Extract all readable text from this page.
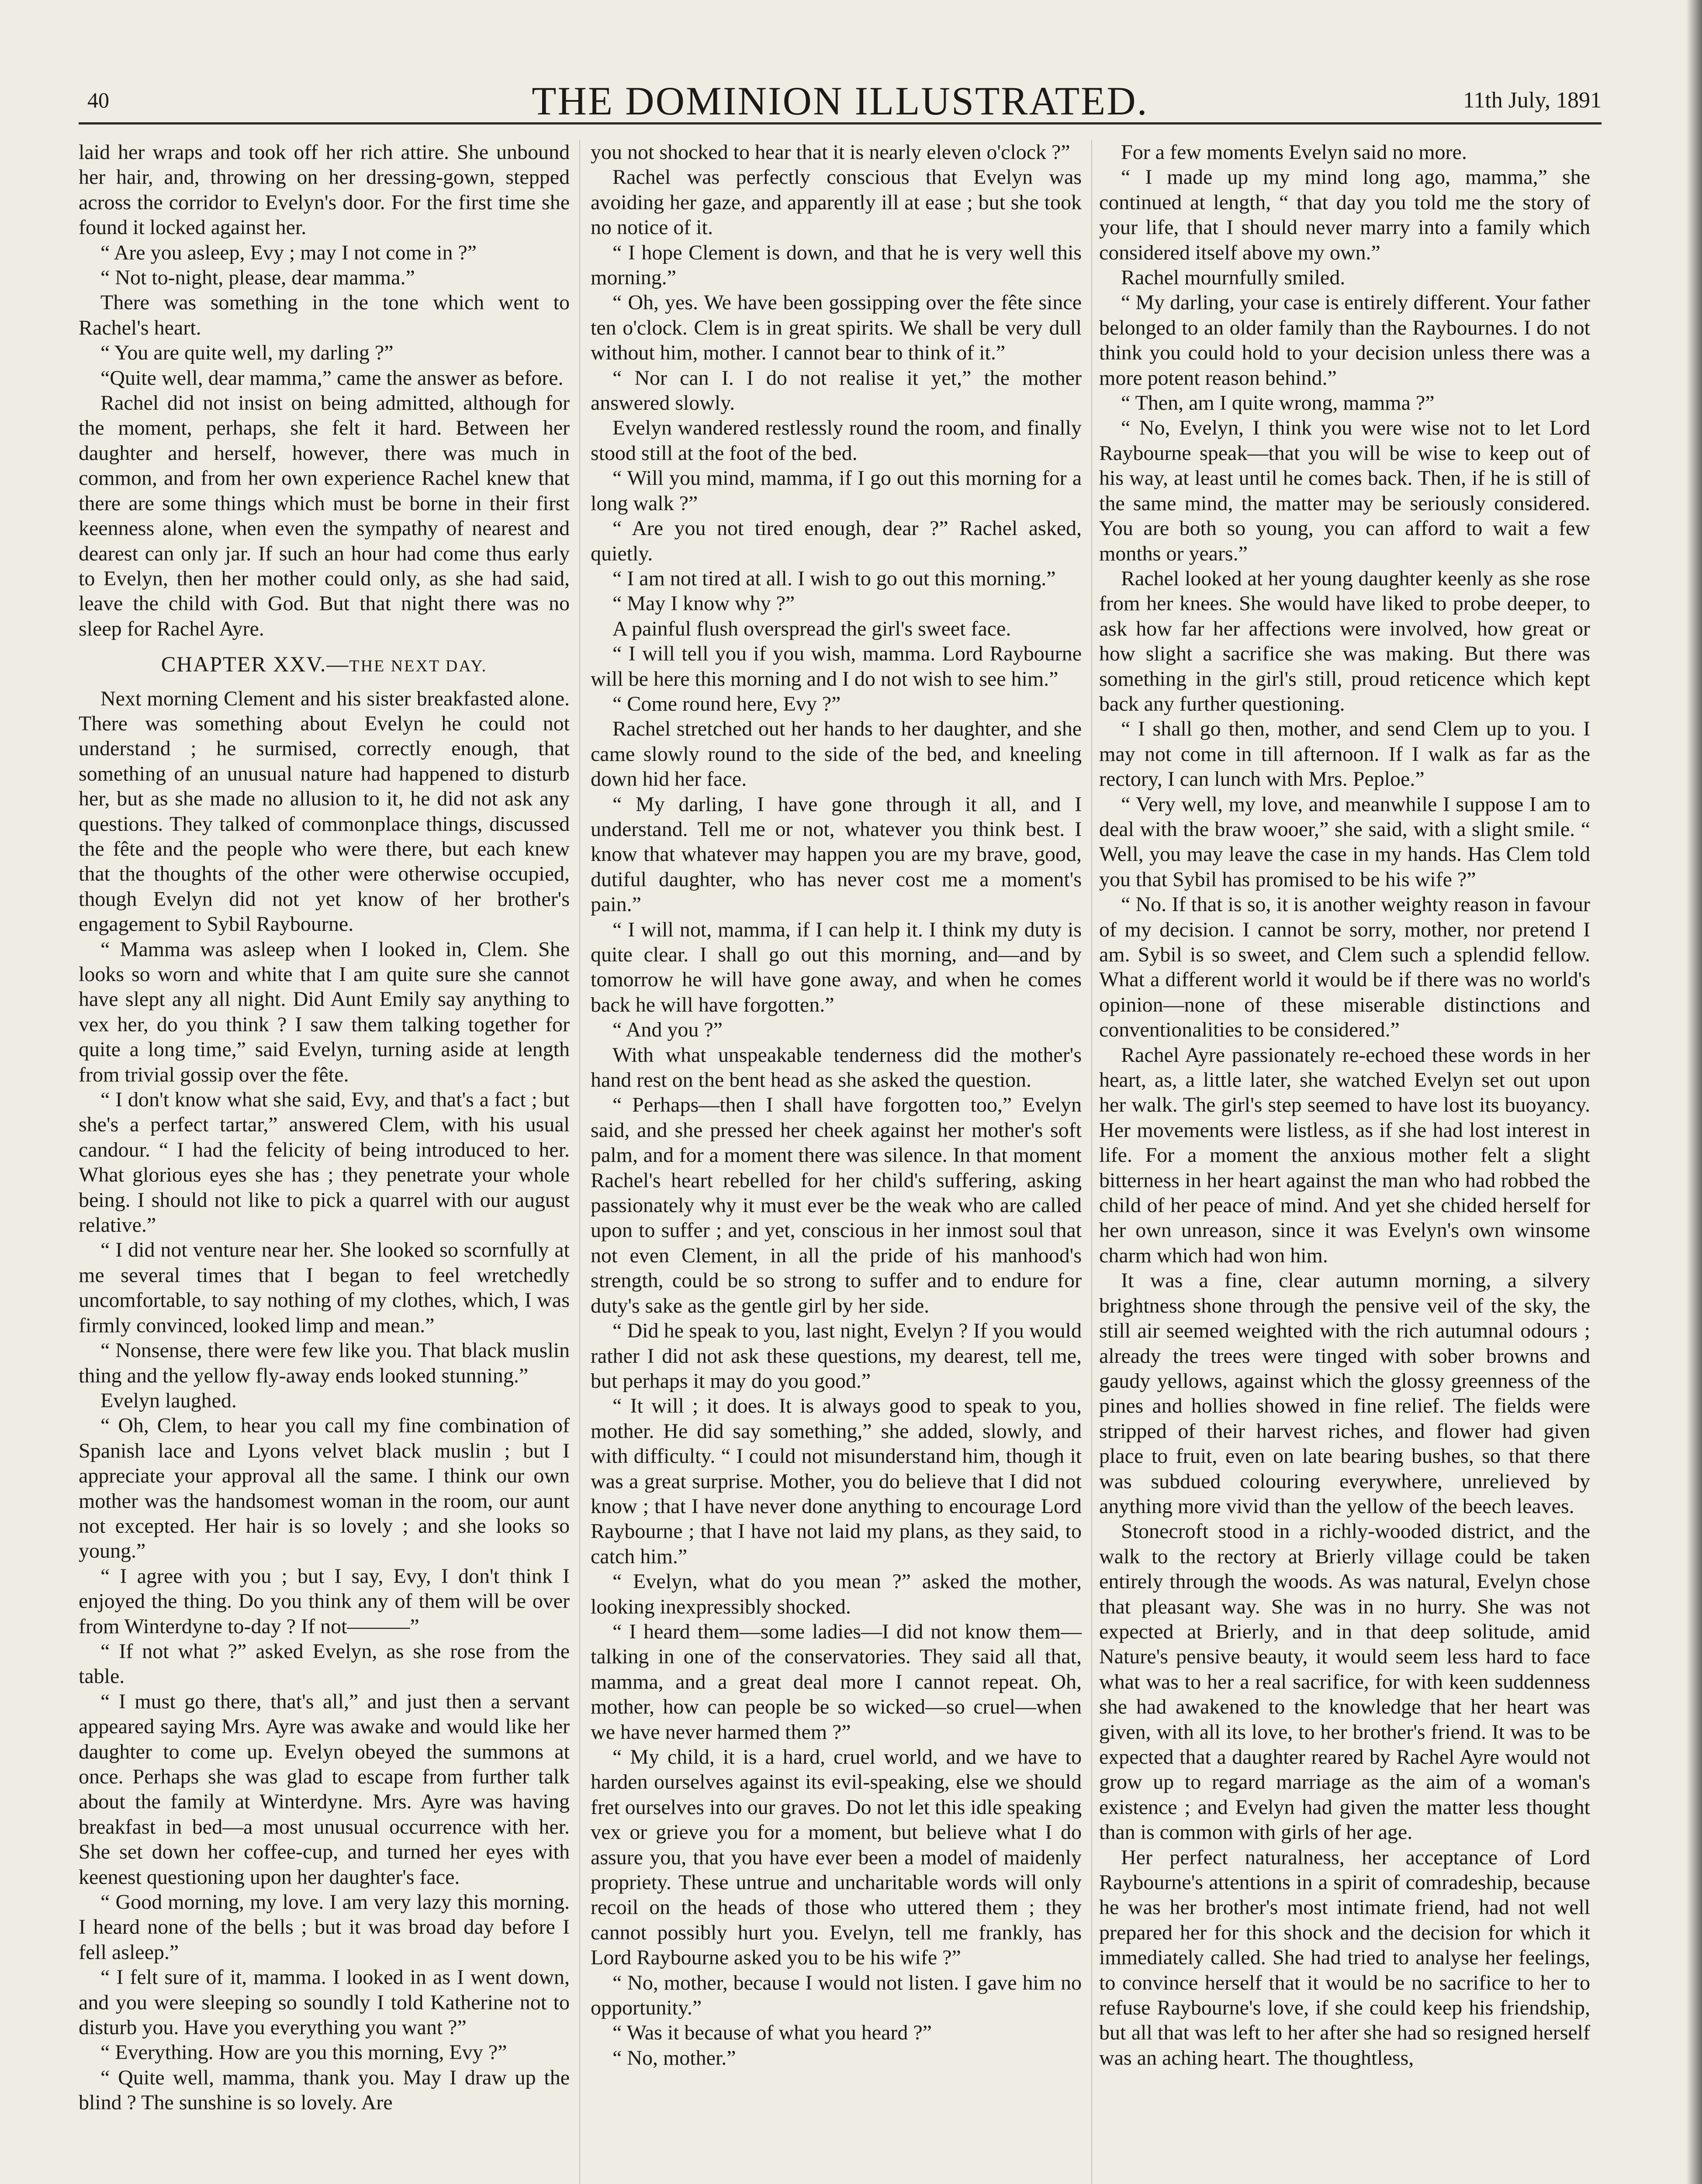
40	THE DOMINION ILLUSTRATED.	11th July, 1891

laid her wraps and took off her rich attire. She unbound her hair, and, throwing on her dressing-gown, stepped across the corridor to Evelyn's door. For the first time she found it locked against her.

“ Are you asleep, Evy ; may I not come in ?”

“ Not to-night, please, dear mamma.”

There was something in the tone which went to Rachel's heart.

“ You are quite well, my darling ?”

“Quite well, dear mamma,” came the answer as before.

Rachel did not insist on being admitted, although for the moment, perhaps, she felt it hard. Between her daughter and herself, however, there was much in common, and from her own experience Rachel knew that there are some things which must be borne in their first keenness alone, when even the sympathy of nearest and dearest can only jar. If such an hour had come thus early to Evelyn, then her mother could only, as she had said, leave the child with God. But that night there was no sleep for Rachel Ayre.

CHAPTER XXV.—THE NEXT DAY.

Next morning Clement and his sister breakfasted alone. There was something about Evelyn he could not understand ; he surmised, correctly enough, that something of an unusual nature had happened to disturb her, but as she made no allusion to it, he did not ask any questions. They talked of commonplace things, discussed the fête and the people who were there, but each knew that the thoughts of the other were otherwise occupied, though Evelyn did not yet know of her brother's engagement to Sybil Raybourne.

“ Mamma was asleep when I looked in, Clem. She looks so worn and white that I am quite sure she cannot have slept any all night. Did Aunt Emily say anything to vex her, do you think ? I saw them talking together for quite a long time,” said Evelyn, turning aside at length from trivial gossip over the fête.

“ I don't know what she said, Evy, and that's a fact ; but she's a perfect tartar,” answered Clem, with his usual candour. “ I had the felicity of being introduced to her. What glorious eyes she has ; they penetrate your whole being. I should not like to pick a quarrel with our august relative.”

“ I did not venture near her. She looked so scornfully at me several times that I began to feel wretchedly uncomfortable, to say nothing of my clothes, which, I was firmly convinced, looked limp and mean.”

“ Nonsense, there were few like you. That black muslin thing and the yellow fly-away ends looked stunning.”

Evelyn laughed.

“ Oh, Clem, to hear you call my fine combination of Spanish lace and Lyons velvet black muslin ; but I appreciate your approval all the same. I think our own mother was the handsomest woman in the room, our aunt not excepted. Her hair is so lovely ; and she looks so young.”

“ I agree with you ; but I say, Evy, I don't think I enjoyed the thing. Do you think any of them will be over from Winterdyne to-day ? If not———”

“ If not what ?” asked Evelyn, as she rose from the table.

“ I must go there, that's all,” and just then a servant appeared saying Mrs. Ayre was awake and would like her daughter to come up. Evelyn obeyed the summons at once. Perhaps she was glad to escape from further talk about the family at Winterdyne. Mrs. Ayre was having breakfast in bed—a most unusual occurrence with her. She set down her coffee-cup, and turned her eyes with keenest questioning upon her daughter's face.

“ Good morning, my love. I am very lazy this morning. I heard none of the bells ; but it was broad day before I fell asleep.”

“ I felt sure of it, mamma. I looked in as I went down, and you were sleeping so soundly I told Katherine not to disturb you. Have you everything you want ?”

“ Everything. How are you this morning, Evy ?”

“ Quite well, mamma, thank you. May I draw up the blind ? The sunshine is so lovely. Are

you not shocked to hear that it is nearly eleven o'clock ?”

Rachel was perfectly conscious that Evelyn was avoiding her gaze, and apparently ill at ease ; but she took no notice of it.

“ I hope Clement is down, and that he is very well this morning.”

“ Oh, yes. We have been gossipping over the fête since ten o'clock. Clem is in great spirits. We shall be very dull without him, mother. I cannot bear to think of it.”

“ Nor can I. I do not realise it yet,” the mother answered slowly.

Evelyn wandered restlessly round the room, and finally stood still at the foot of the bed.

“ Will you mind, mamma, if I go out this morning for a long walk ?”

“ Are you not tired enough, dear ?” Rachel asked, quietly.

“ I am not tired at all. I wish to go out this morning.”

“ May I know why ?”

A painful flush overspread the girl's sweet face.

“ I will tell you if you wish, mamma. Lord Raybourne will be here this morning and I do not wish to see him.”

“ Come round here, Evy ?”

Rachel stretched out her hands to her daughter, and she came slowly round to the side of the bed, and kneeling down hid her face.

“ My darling, I have gone through it all, and I understand. Tell me or not, whatever you think best. I know that whatever may happen you are my brave, good, dutiful daughter, who has never cost me a moment's pain.”

“ I will not, mamma, if I can help it. I think my duty is quite clear. I shall go out this morning, and—and by tomorrow he will have gone away, and when he comes back he will have forgotten.”

“ And you ?”

With what unspeakable tenderness did the mother's hand rest on the bent head as she asked the question.

“ Perhaps—then I shall have forgotten too,” Evelyn said, and she pressed her cheek against her mother's soft palm, and for a moment there was silence. In that moment Rachel's heart rebelled for her child's suffering, asking passionately why it must ever be the weak who are called upon to suffer ; and yet, conscious in her inmost soul that not even Clement, in all the pride of his manhood's strength, could be so strong to suffer and to endure for duty's sake as the gentle girl by her side.

“ Did he speak to you, last night, Evelyn ? If you would rather I did not ask these questions, my dearest, tell me, but perhaps it may do you good.”

“ It will ; it does. It is always good to speak to you, mother. He did say something,” she added, slowly, and with difficulty. “ I could not misunderstand him, though it was a great surprise. Mother, you do believe that I did not know ; that I have never done anything to encourage Lord Raybourne ; that I have not laid my plans, as they said, to catch him.”

“ Evelyn, what do you mean ?” asked the mother, looking inexpressibly shocked.

“ I heard them—some ladies—I did not know them—talking in one of the conservatories. They said all that, mamma, and a great deal more I cannot repeat. Oh, mother, how can people be so wicked—so cruel—when we have never harmed them ?”

“ My child, it is a hard, cruel world, and we have to harden ourselves against its evil-speaking, else we should fret ourselves into our graves. Do not let this idle speaking vex or grieve you for a moment, but believe what I do assure you, that you have ever been a model of maidenly propriety. These untrue and uncharitable words will only recoil on the heads of those who uttered them ; they cannot possibly hurt you. Evelyn, tell me frankly, has Lord Raybourne asked you to be his wife ?”

“ No, mother, because I would not listen. I gave him no opportunity.”

“ Was it because of what you heard ?”

“ No, mother.”

For a few moments Evelyn said no more.

“ I made up my mind long ago, mamma,” she continued at length, “ that day you told me the story of your life, that I should never marry into a family which considered itself above my own.”

Rachel mournfully smiled.

“ My darling, your case is entirely different. Your father belonged to an older family than the Raybournes. I do not think you could hold to your decision unless there was a more potent reason behind.”

“ Then, am I quite wrong, mamma ?”

“ No, Evelyn, I think you were wise not to let Lord Raybourne speak—that you will be wise to keep out of his way, at least until he comes back. Then, if he is still of the same mind, the matter may be seriously considered. You are both so young, you can afford to wait a few months or years.”

Rachel looked at her young daughter keenly as she rose from her knees. She would have liked to probe deeper, to ask how far her affections were involved, how great or how slight a sacrifice she was making. But there was something in the girl's still, proud reticence which kept back any further questioning.

“ I shall go then, mother, and send Clem up to you. I may not come in till afternoon. If I walk as far as the rectory, I can lunch with Mrs. Peploe.”

“ Very well, my love, and meanwhile I suppose I am to deal with the braw wooer,” she said, with a slight smile. “ Well, you may leave the case in my hands. Has Clem told you that Sybil has promised to be his wife ?”

“ No. If that is so, it is another weighty reason in favour of my decision. I cannot be sorry, mother, nor pretend I am. Sybil is so sweet, and Clem such a splendid fellow. What a different world it would be if there was no world's opinion—none of these miserable distinctions and conventionalities to be considered.”

Rachel Ayre passionately re-echoed these words in her heart, as, a little later, she watched Evelyn set out upon her walk. The girl's step seemed to have lost its buoyancy. Her movements were listless, as if she had lost interest in life. For a moment the anxious mother felt a slight bitterness in her heart against the man who had robbed the child of her peace of mind. And yet she chided herself for her own unreason, since it was Evelyn's own winsome charm which had won him.

It was a fine, clear autumn morning, a silvery brightness shone through the pensive veil of the sky, the still air seemed weighted with the rich autumnal odours ; already the trees were tinged with sober browns and gaudy yellows, against which the glossy greenness of the pines and hollies showed in fine relief. The fields were stripped of their harvest riches, and flower had given place to fruit, even on late bearing bushes, so that there was subdued colouring everywhere, unrelieved by anything more vivid than the yellow of the beech leaves.

Stonecroft stood in a richly-wooded district, and the walk to the rectory at Brierly village could be taken entirely through the woods. As was natural, Evelyn chose that pleasant way. She was in no hurry. She was not expected at Brierly, and in that deep solitude, amid Nature's pensive beauty, it would seem less hard to face what was to her a real sacrifice, for with keen suddenness she had awakened to the knowledge that her heart was given, with all its love, to her brother's friend. It was to be expected that a daughter reared by Rachel Ayre would not grow up to regard marriage as the aim of a woman's existence ; and Evelyn had given the matter less thought than is common with girls of her age.

Her perfect naturalness, her acceptance of Lord Raybourne's attentions in a spirit of comradeship, because he was her brother's most intimate friend, had not well prepared her for this shock and the decision for which it immediately called. She had tried to analyse her feelings, to convince herself that it would be no sacrifice to her to refuse Raybourne's love, if she could keep his friendship, but all that was left to her after she had so resigned herself was an aching heart. The thoughtless,
